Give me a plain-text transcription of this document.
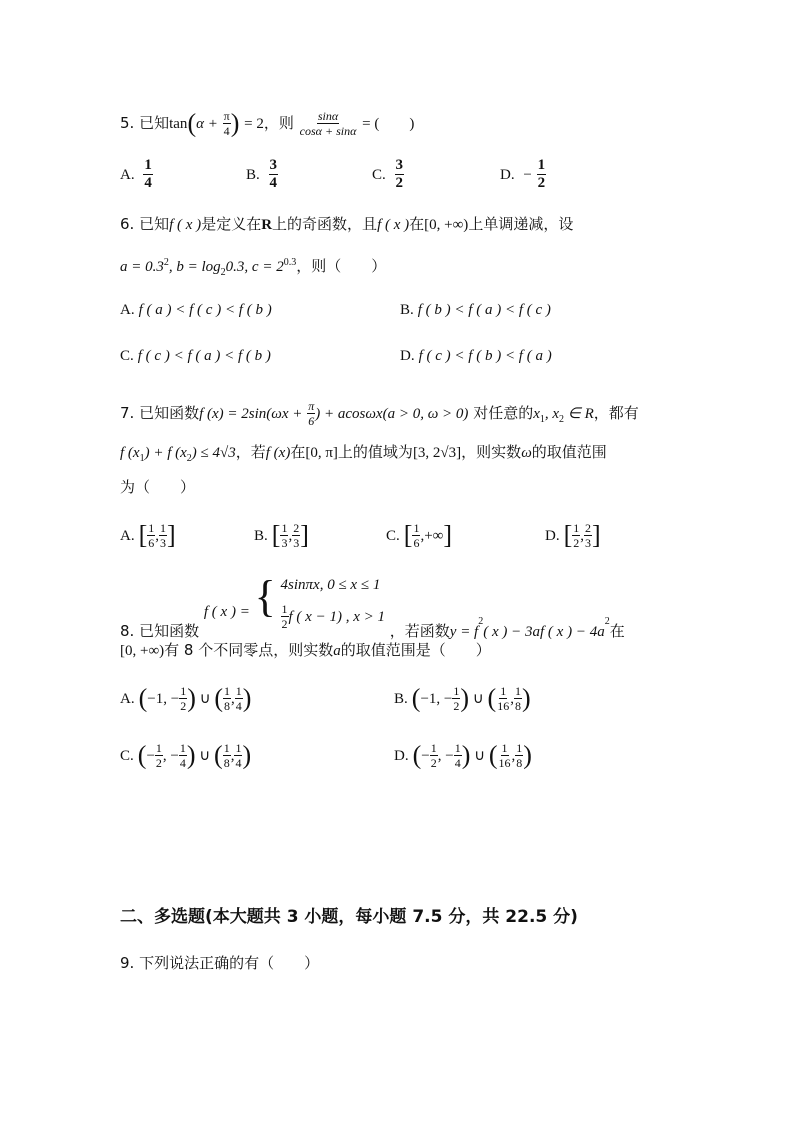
5. 已知$\tan(\alpha + \frac{\pi}{4}$ ) = 2，则 $\frac{\sin\alpha}{\cos\alpha + \sin\alpha}$ = (　　)
A. $\frac{1}{4}$	B. $\frac{3}{4}$	C. $\frac{3}{2}$	D. − $\frac{1}{2}$
6. 已知f ( x )是定义在R上的奇函数，且f ( x )在[0, +∞)上单调递减，设
$a = 0.3^2$, $b = \log_20.3$, $c = 2^{0.3}$，则（　　）
A. f ( a ) < f ( c ) < f ( b )	B. f ( b ) < f ( a ) < f ( c )
C. f ( c ) < f ( a ) < f ( b )	D. f ( c ) < f ( b ) < f ( a )
7. 已知函数f $(x) = 2\sin(\omega x + \frac{\pi}{6}$ ) + acosωx(a > 0, ω > 0) 对任意的$x_1$, $x_2$ ∈ R，都有
f $(x_1) + f$ $(x_2) \le 4√3$，若f (x)在[0, π]上的值域为[3, 2√3]，则实数ω的取值范围
为（　　）
A. [ $\frac{1}{6}$ , $\frac{1}{3}$ ]	B. [ $\frac{1}{3}$ , $\frac{2}{3}$ ]	C. [ $\frac{1}{6}$ ,+∞]	D. [ $\frac{1}{2}$ , $\frac{2}{3}$ ]
8. 已知函数 f ( x ) = { 4sinπx, 0 ≤ x ≤ 1
$\frac{1}{2}$ f ( x − 1) , x > 1
，若函数$y = f_2$( x ) − 3af ( x ) − $4a_2$在
[0, +∞)有 8 个不同零点，则实数a的取值范围是（　　）
A. (−1, − $\frac{1}{2}$ ) ∪ ( $\frac{1}{8}$ , $\frac{1}{4}$ )	B. (−1, − $\frac{1}{2}$ ) ∪ ( $\frac{1}{16}$ , $\frac{1}{8}$ )
C. (− $\frac{1}{2}$ , − $\frac{1}{4}$ ) ∪ ( $\frac{1}{8}$ , $\frac{1}{4}$ )	D. (− $\frac{1}{2}$ , − $\frac{1}{4}$ ) ∪ ( $\frac{1}{16}$ , $\frac{1}{8}$ )
二、多选题(本大题共 3 小题，每小题 7.5 分，共 22.5 分)
9. 下列说法正确的有（　　）
